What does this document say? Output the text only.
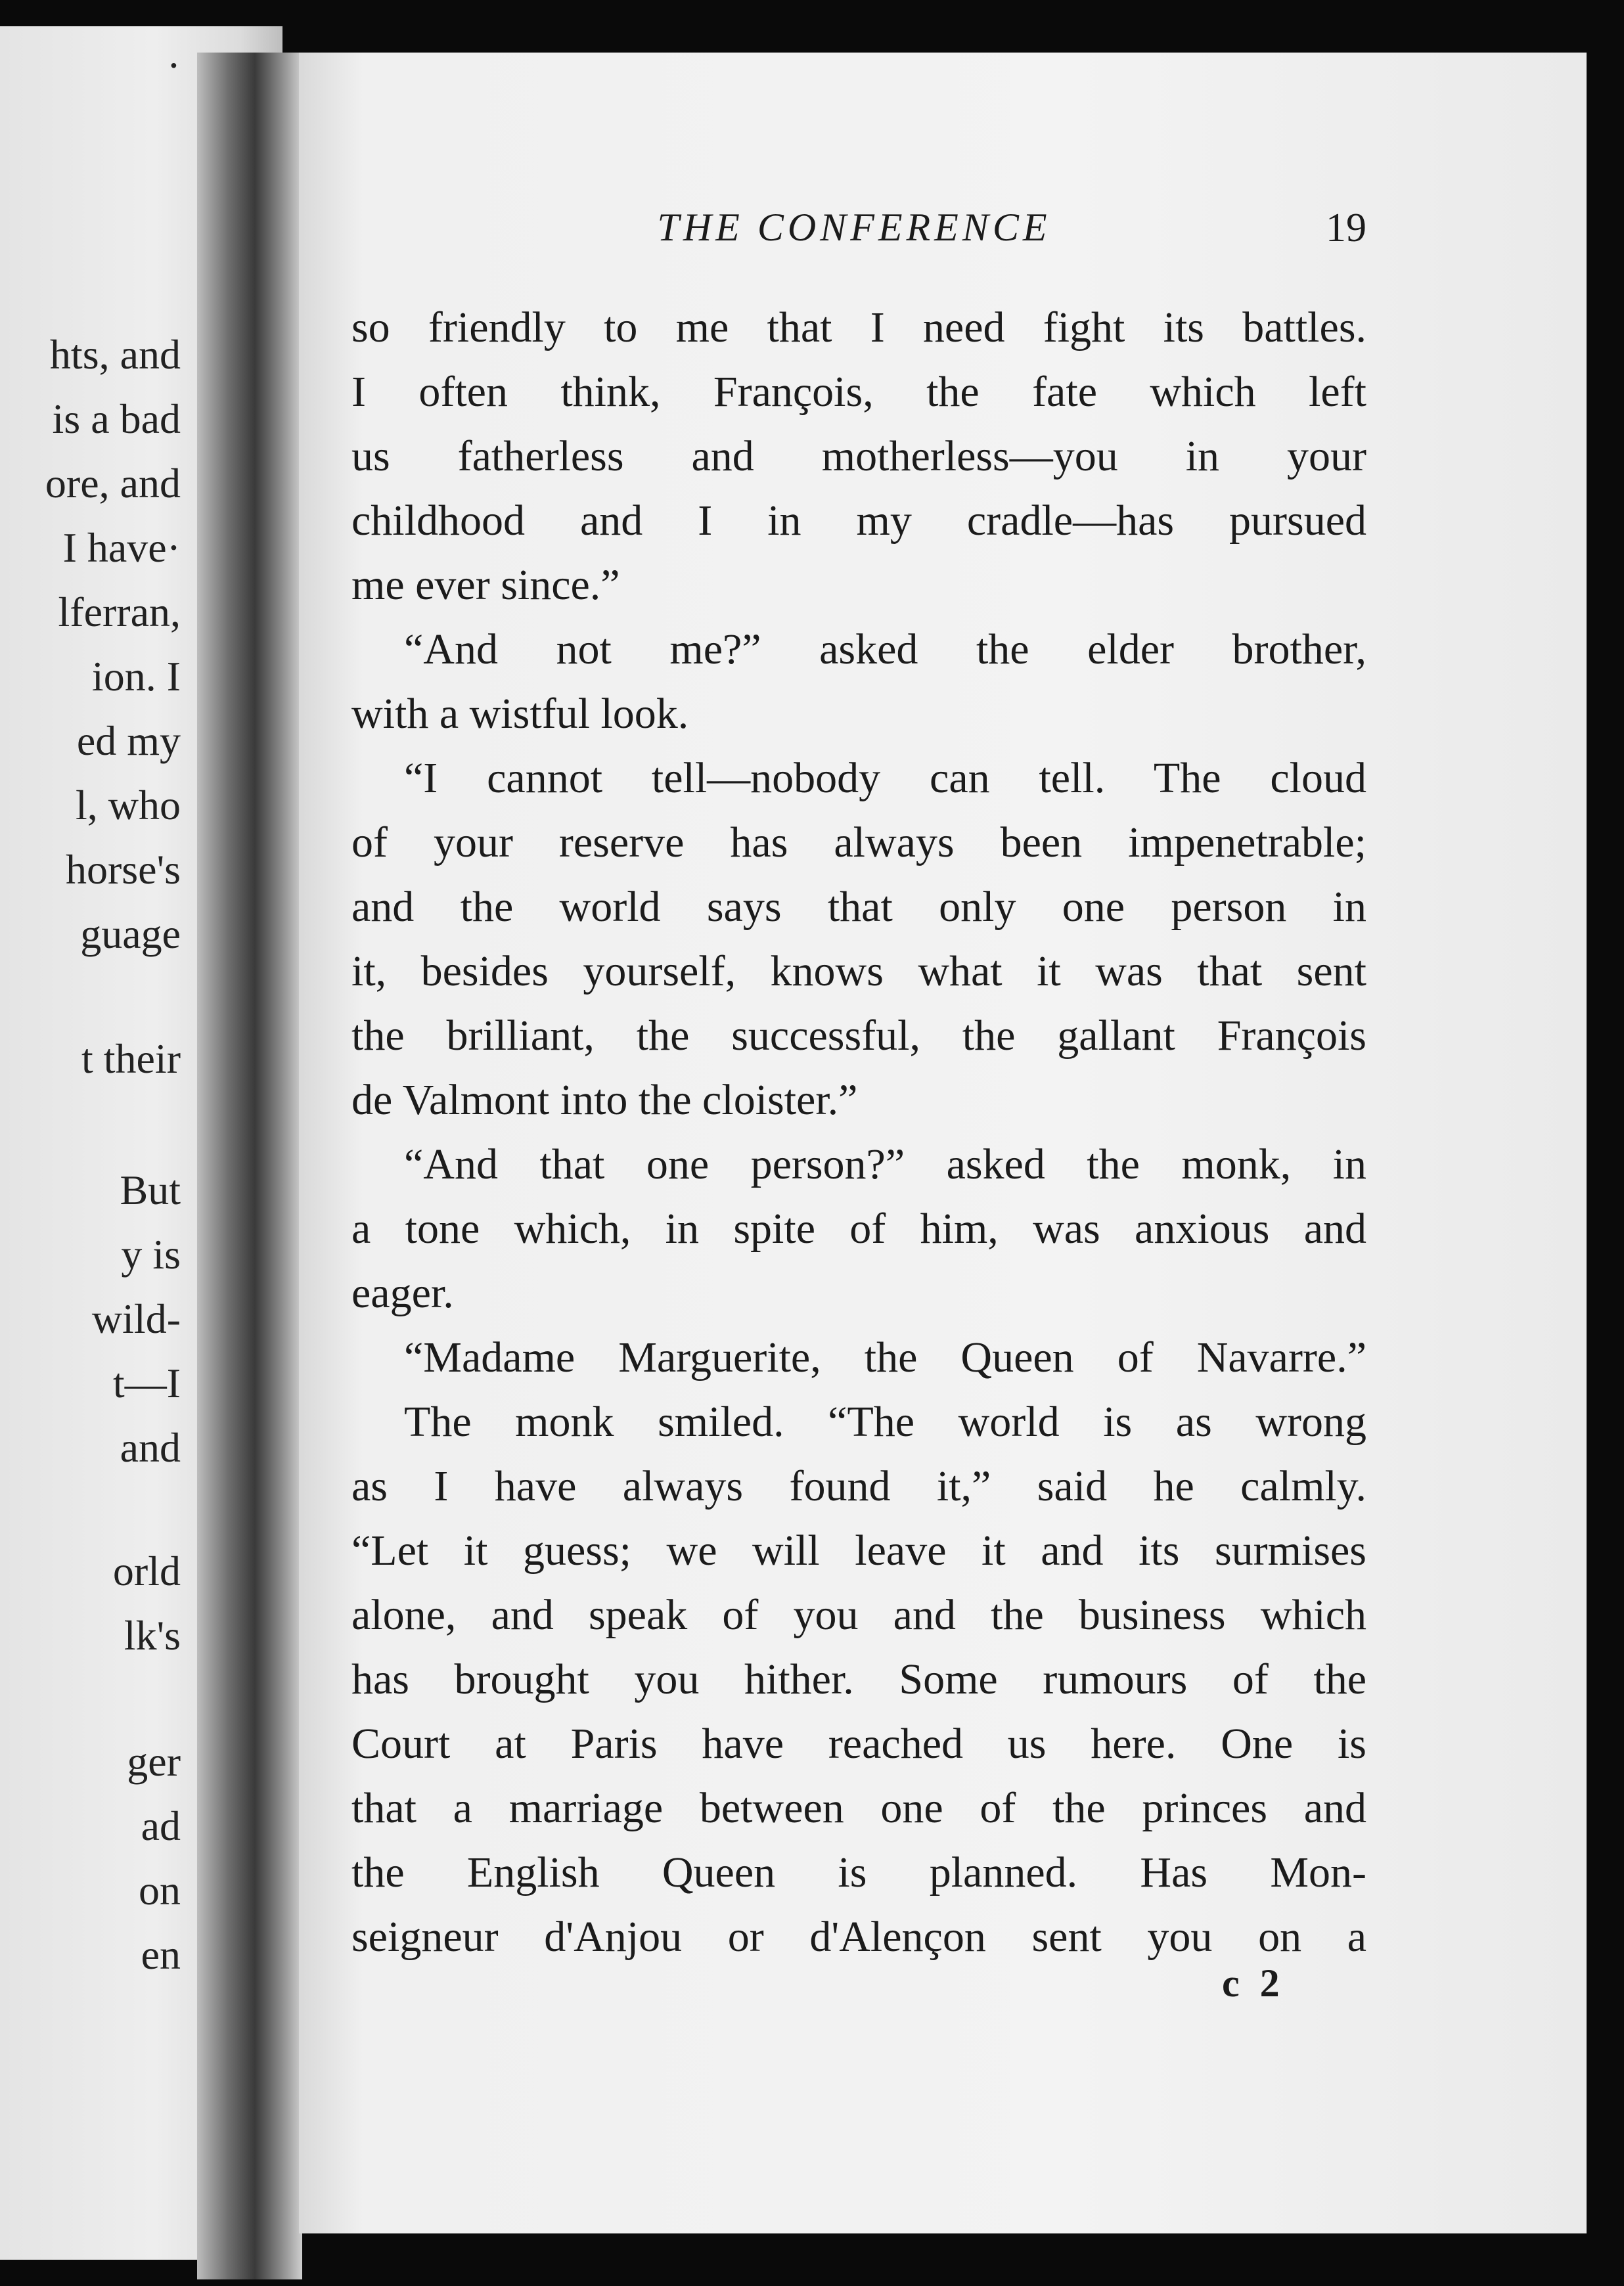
·
hts, and
is a bad
ore, and
I have·
lferran,
ion. I
ed my
l, who
horse's
guage
t their
But
y is
wild-
t—I
and
orld
lk's
ger
ad
on
en
THE CONFERENCE	19
so friendly to me that I need fight its battles.
I often think, François, the fate which left
us fatherless and motherless—you in your
childhood and I in my cradle—has pursued
me ever since.”
“And not me?” asked the elder brother,
with a wistful look.
“I cannot tell—nobody can tell. The cloud
of your reserve has always been impenetrable;
and the world says that only one person in
it, besides yourself, knows what it was that sent
the brilliant, the successful, the gallant François
de Valmont into the cloister.”
“And that one person?” asked the monk, in
a tone which, in spite of him, was anxious and
eager.
“Madame Marguerite, the Queen of Navarre.”
The monk smiled. “The world is as wrong
as I have always found it,” said he calmly.
“Let it guess; we will leave it and its surmises
alone, and speak of you and the business which
has brought you hither. Some rumours of the
Court at Paris have reached us here. One is
that a marriage between one of the princes and
the English Queen is planned. Has Mon-
seigneur d'Anjou or d'Alençon sent you on a
c 2
